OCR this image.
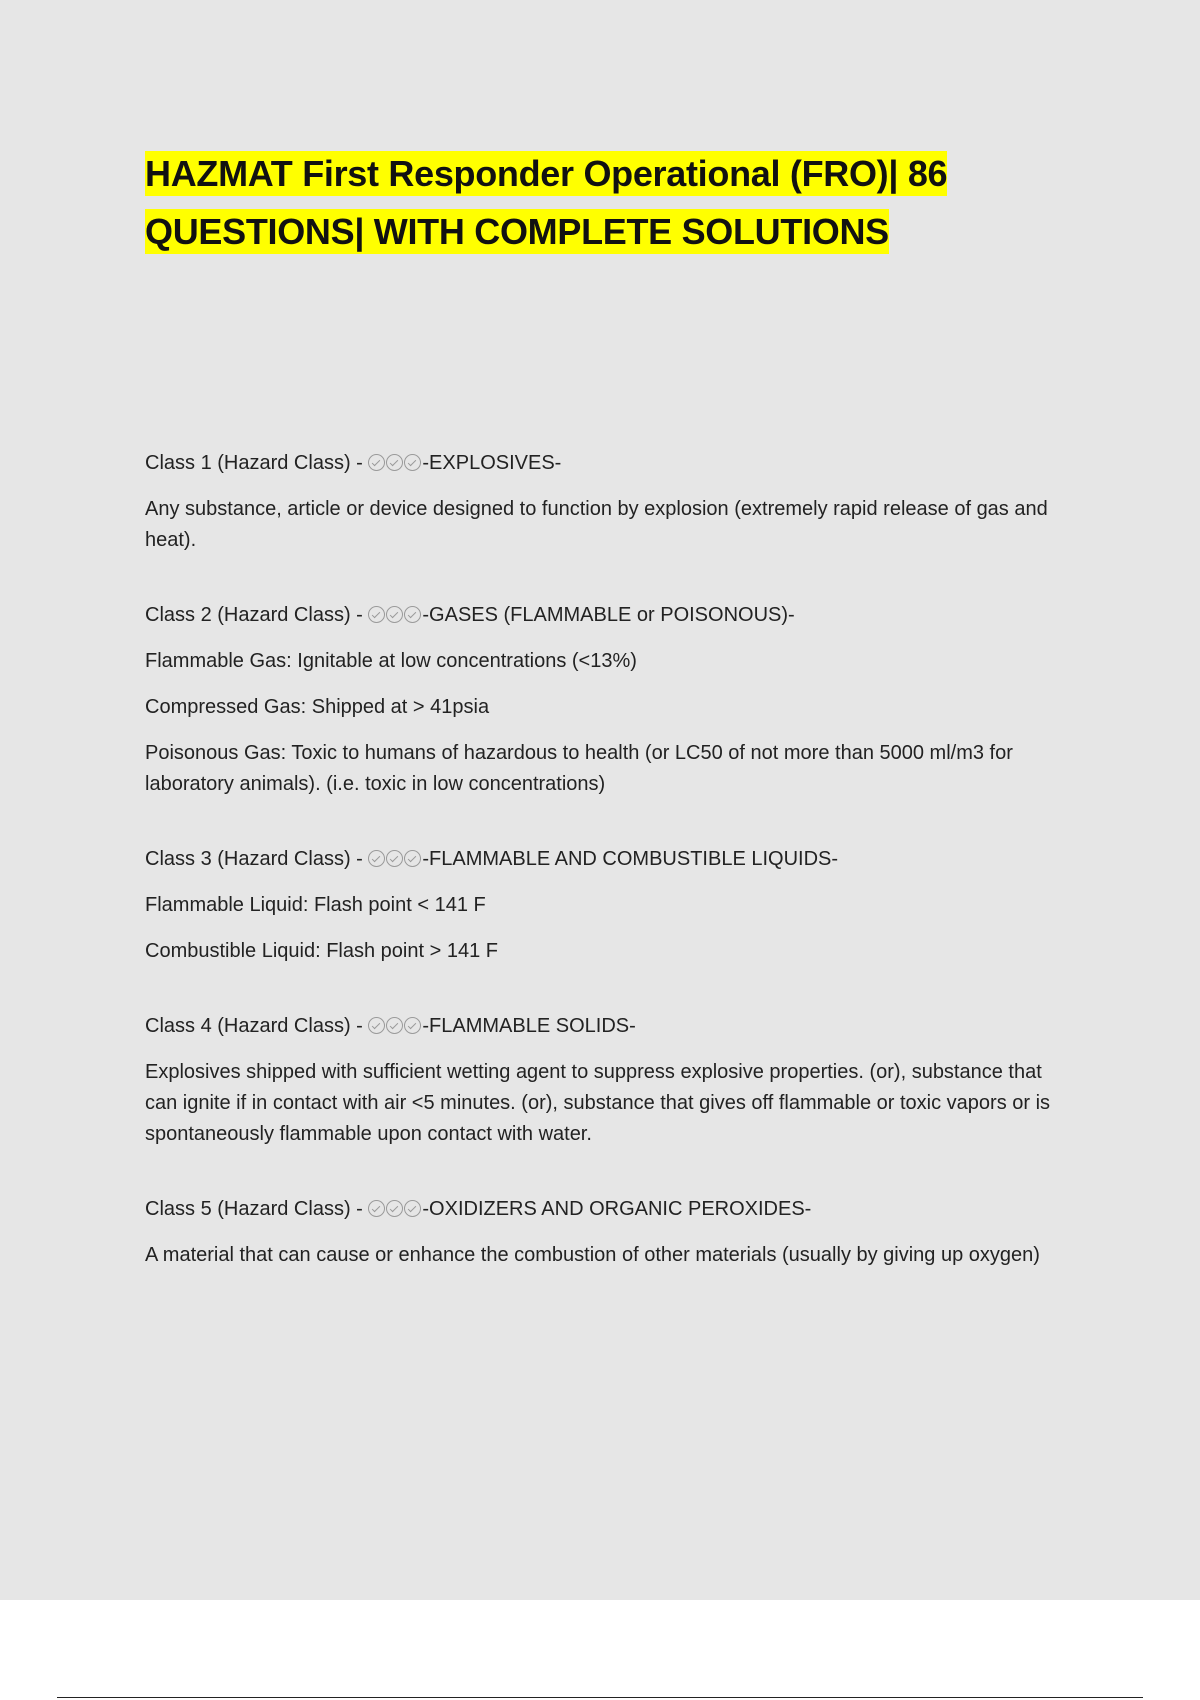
HAZMAT First Responder Operational (FRO)| 86
QUESTIONS| WITH COMPLETE SOLUTIONS
Class 1 (Hazard Class) -	-EXPLOSIVES-

Any substance, article or device designed to function by explosion (extremely rapid release of gas and heat).

Class 2 (Hazard Class) -	-GASES (FLAMMABLE or POISONOUS)-

Flammable Gas: Ignitable at low concentrations (<13%)

Compressed Gas: Shipped at > 41psia

Poisonous Gas: Toxic to humans of hazardous to health (or LC50 of not more than 5000 ml/m3 for laboratory animals). (i.e. toxic in low concentrations)

Class 3 (Hazard Class) -	-FLAMMABLE AND COMBUSTIBLE LIQUIDS-

Flammable Liquid: Flash point < 141 F

Combustible Liquid: Flash point > 141 F

Class 4 (Hazard Class) -	-FLAMMABLE SOLIDS-

Explosives shipped with sufficient wetting agent to suppress explosive properties. (or), substance that can ignite if in contact with air <5 minutes. (or), substance that gives off flammable or toxic vapors or is spontaneously flammable upon contact with water.

Class 5 (Hazard Class) -	-OXIDIZERS AND ORGANIC PEROXIDES-

A material that can cause or enhance the combustion of other materials (usually by giving up oxygen)
